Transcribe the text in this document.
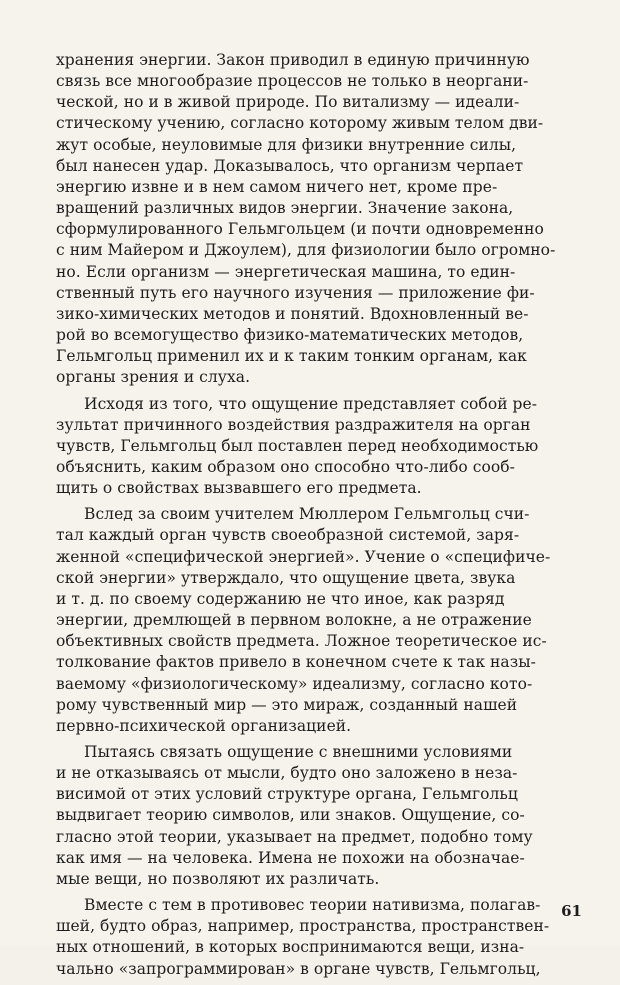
хранения энергии. Закон приводил в единую причинную
связь все многообразие процессов не только в неоргани-
ческой, но и в живой природе. По витализму — идеали-
стическому учению, согласно которому живым телом дви-
жут особые, неуловимые для физики внутренние силы,
был нанесен удар. Доказывалось, что организм черпает
энергию извне и в нем самом ничего нет, кроме пре-
вращений различных видов энергии. Значение закона,
сформулированного Гельмгольцем (и почти одновременно
с ним Майером и Джоулем), для физиологии было огромно-
но. Если организм — энергетическая машина, то един-
ственный путь его научного изучения — приложение фи-
зико-химических методов и понятий. Вдохновленный ве-
рой во всемогущество физико-математических методов,
Гельмгольц применил их и к таким тонким органам, как
органы зрения и слуха.
Исходя из того, что ощущение представляет собой ре-
зультат причинного воздействия раздражителя на орган
чувств, Гельмгольц был поставлен перед необходимостью
объяснить, каким образом оно способно что-либо сооб-
щить о свойствах вызвавшего его предмета.
Вслед за своим учителем Мюллером Гельмгольц счи-
тал каждый орган чувств своеобразной системой, заря-
женной «специфической энергией». Учение о «специфиче-
ской энергии» утверждало, что ощущение цвета, звука
и т. д. по своему содержанию не что иное, как разряд
энергии, дремлющей в первном волокне, а не отражение
объективных свойств предмета. Ложное теоретическое ис-
толкование фактов привело в конечном счете к так назы-
ваемому «физиологическому» идеализму, согласно кото-
рому чувственный мир — это мираж, созданный нашей
первно-психической организацией.
Пытаясь связать ощущение с внешними условиями
и не отказываясь от мысли, будто оно заложено в неза-
висимой от этих условий структуре органа, Гельмгольц
выдвигает теорию символов, или знаков. Ощущение, со-
гласно этой теории, указывает на предмет, подобно тому
как имя — на человека. Имена не похожи на обозначае-
мые вещи, но позволяют их различать.
Вместе с тем в противовес теории нативизма, полагав-
шей, будто образ, например, пространства, пространствен-
ных отношений, в которых воспринимаются вещи, изна-
чально «запрограммирован» в органе чувств, Гельмгольц,
61
